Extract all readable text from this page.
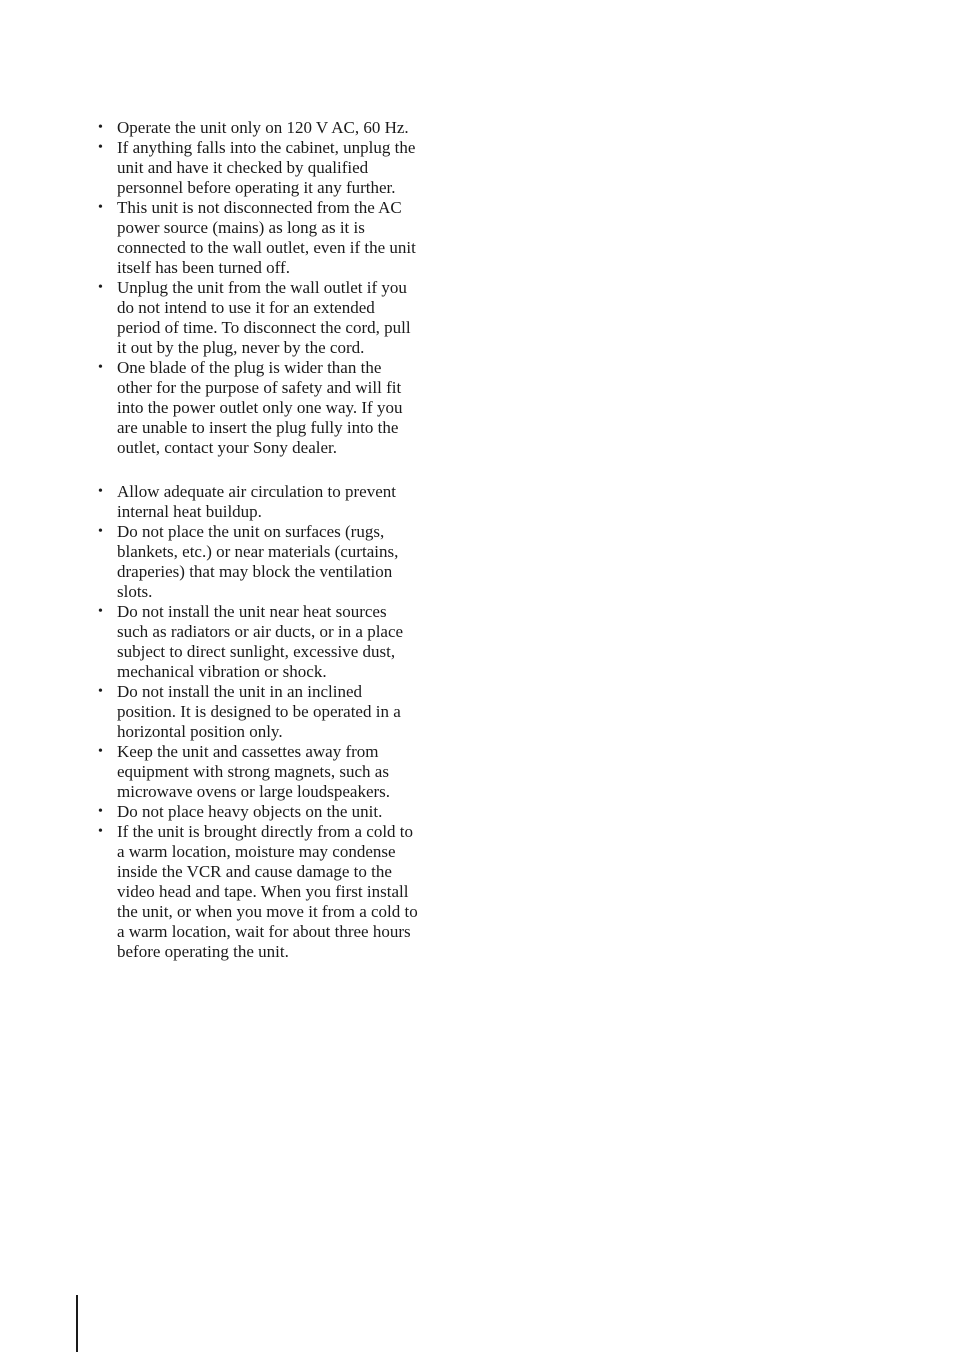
• Operate the unit only on 120 V AC, 60 Hz.
• If anything falls into the cabinet, unplug the
unit and have it checked by qualified
personnel before operating it any further.
• This unit is not disconnected from the AC
power source (mains) as long as it is
connected to the wall outlet, even if the unit
itself has been turned off.
• Unplug the unit from the wall outlet if you
do not intend to use it for an extended
period of time. To disconnect the cord, pull
it out by the plug, never by the cord.
• One blade of the plug is wider than the
other for the purpose of safety and will fit
into the power outlet only one way. If you
are unable to insert the plug fully into the
outlet, contact your Sony dealer.
• Allow adequate air circulation to prevent
internal heat buildup.
• Do not place the unit on surfaces (rugs,
blankets, etc.) or near materials (curtains,
draperies) that may block the ventilation
slots.
• Do not install the unit near heat sources
such as radiators or air ducts, or in a place
subject to direct sunlight, excessive dust,
mechanical vibration or shock.
• Do not install the unit in an inclined
position. It is designed to be operated in a
horizontal position only.
• Keep the unit and cassettes away from
equipment with strong magnets, such as
microwave ovens or large loudspeakers.
• Do not place heavy objects on the unit.
• If the unit is brought directly from a cold to
a warm location, moisture may condense
inside the VCR and cause damage to the
video head and tape. When you first install
the unit, or when you move it from a cold to
a warm location, wait for about three hours
before operating the unit.
